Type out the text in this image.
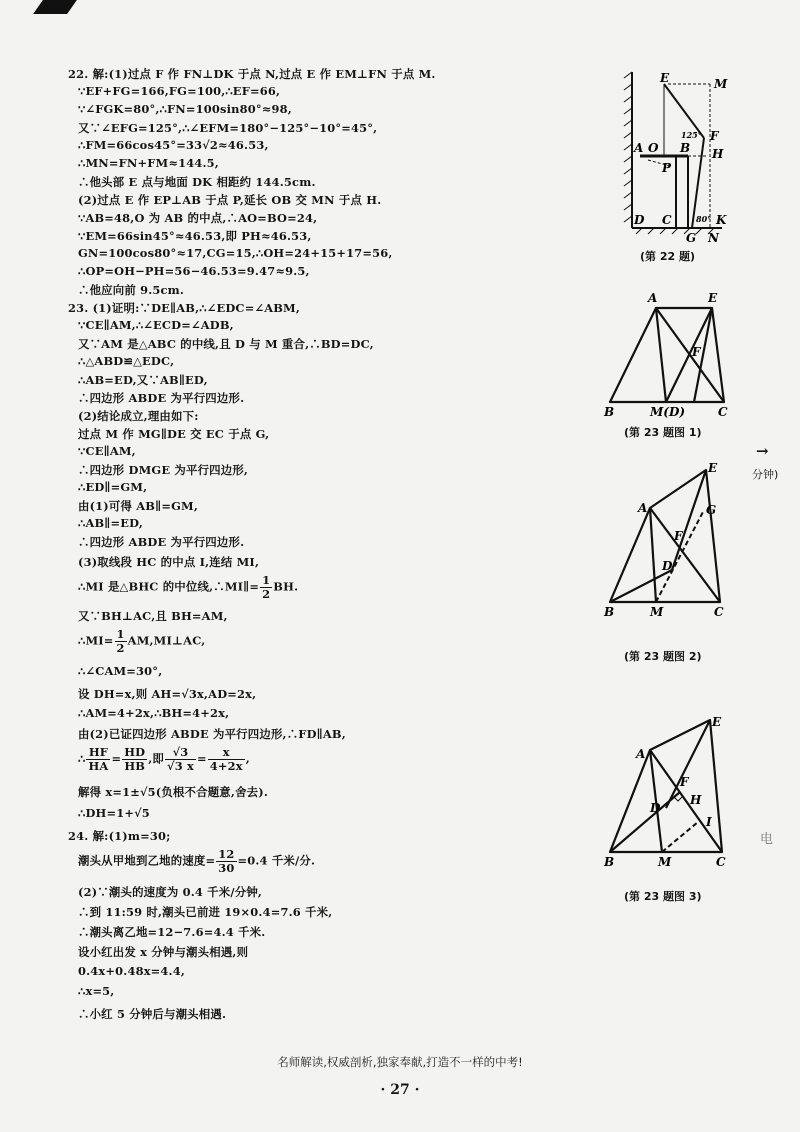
22. 解:(1)过点 F 作 FN⊥DK 于点 N,过点 E 作 EM⊥FN 于点 M.
∵EF+FG=166,FG=100,∴EF=66,
∵∠FGK=80°,∴FN=100sin80°≈98,
又∵∠EFG=125°,∴∠EFM=180°−125°−10°=45°,
∴FM=66cos45°=33√2≈46.53,
∴MN=FN+FM≈144.5,
∴他头部 E 点与地面 DK 相距约 144.5cm.
(2)过点 E 作 EP⊥AB 于点 P,延长 OB 交 MN 于点 H.
∵AB=48,O 为 AB 的中点,∴AO=BO=24,
∵EM=66sin45°≈46.53,即 PH≈46.53,
GN=100cos80°≈17,CG=15,∴OH=24+15+17=56,
∴OP=OH−PH=56−46.53=9.47≈9.5,
∴他应向前 9.5cm.
23. (1)证明:∵DE∥AB,∴∠EDC=∠ABM,
∵CE∥AM,∴∠ECD=∠ADB,
又∵AM 是△ABC 的中线,且 D 与 M 重合,∴BD=DC,
∴△ABD≌△EDC,
∴AB=ED,又∵AB∥ED,
∴四边形 ABDE 为平行四边形.
(2)结论成立,理由如下:
过点 M 作 MG∥DE 交 EC 于点 G,
∵CE∥AM,
∴四边形 DMGE 为平行四边形,
∴ED∥=GM,
由(1)可得 AB∥=GM,
∴AB∥=ED,
∴四边形 ABDE 为平行四边形.
(3)取线段 HC 的中点 I,连结 MI,
∴MI 是△BHC 的中位线,∴MI∥= $\frac{1}{2}$ BH.
又∵BH⊥AC,且 BH=AM,
∴MI= $\frac{1}{2}$ AM,MI⊥AC,
∴∠CAM=30°,
设 DH=x,则 AH=√3x,AD=2x,
∴AM=4+2x,∴BH=4+2x,
由(2)已证四边形 ABDE 为平行四边形,∴FD∥AB,
∴ $\frac{HF}{HA} = \frac{HD}{HB}$ ,即 $\frac{√3}{√3 x} = \frac{x}{4+2x}$ ,
解得 x=1±√5(负根不合题意,舍去).
∴DH=1+√5
24. 解:(1)m=30;
潮头从甲地到乙地的速度= $\frac{12}{30} =0.4$ 千米/分.
(2)∵潮头的速度为 0.4 千米/分钟,
∴到 11:59 时,潮头已前进 19×0.4=7.6 千米,
∴潮头离乙地=12−7.6=4.4 千米.
设小红出发 x 分钟与潮头相遇,则
0.4x+0.48x=4.4,
∴x=5,
∴小红 5 分钟后与潮头相遇.
E	M
125° F
A O B H
P
D C
G N
K
80°
(第 22 题)
A	E
F
B	M(D)	C
(第 23 题图 1)
E
A	G
F
D
B	M	C
(第 23 题图 2)
E
A
F
D
H
I
B	M	C
(第 23 题图 3)
→
分钟)
电
名师解读,权威剖析,独家奉献,打造不一样的中考!
· 27 ·
